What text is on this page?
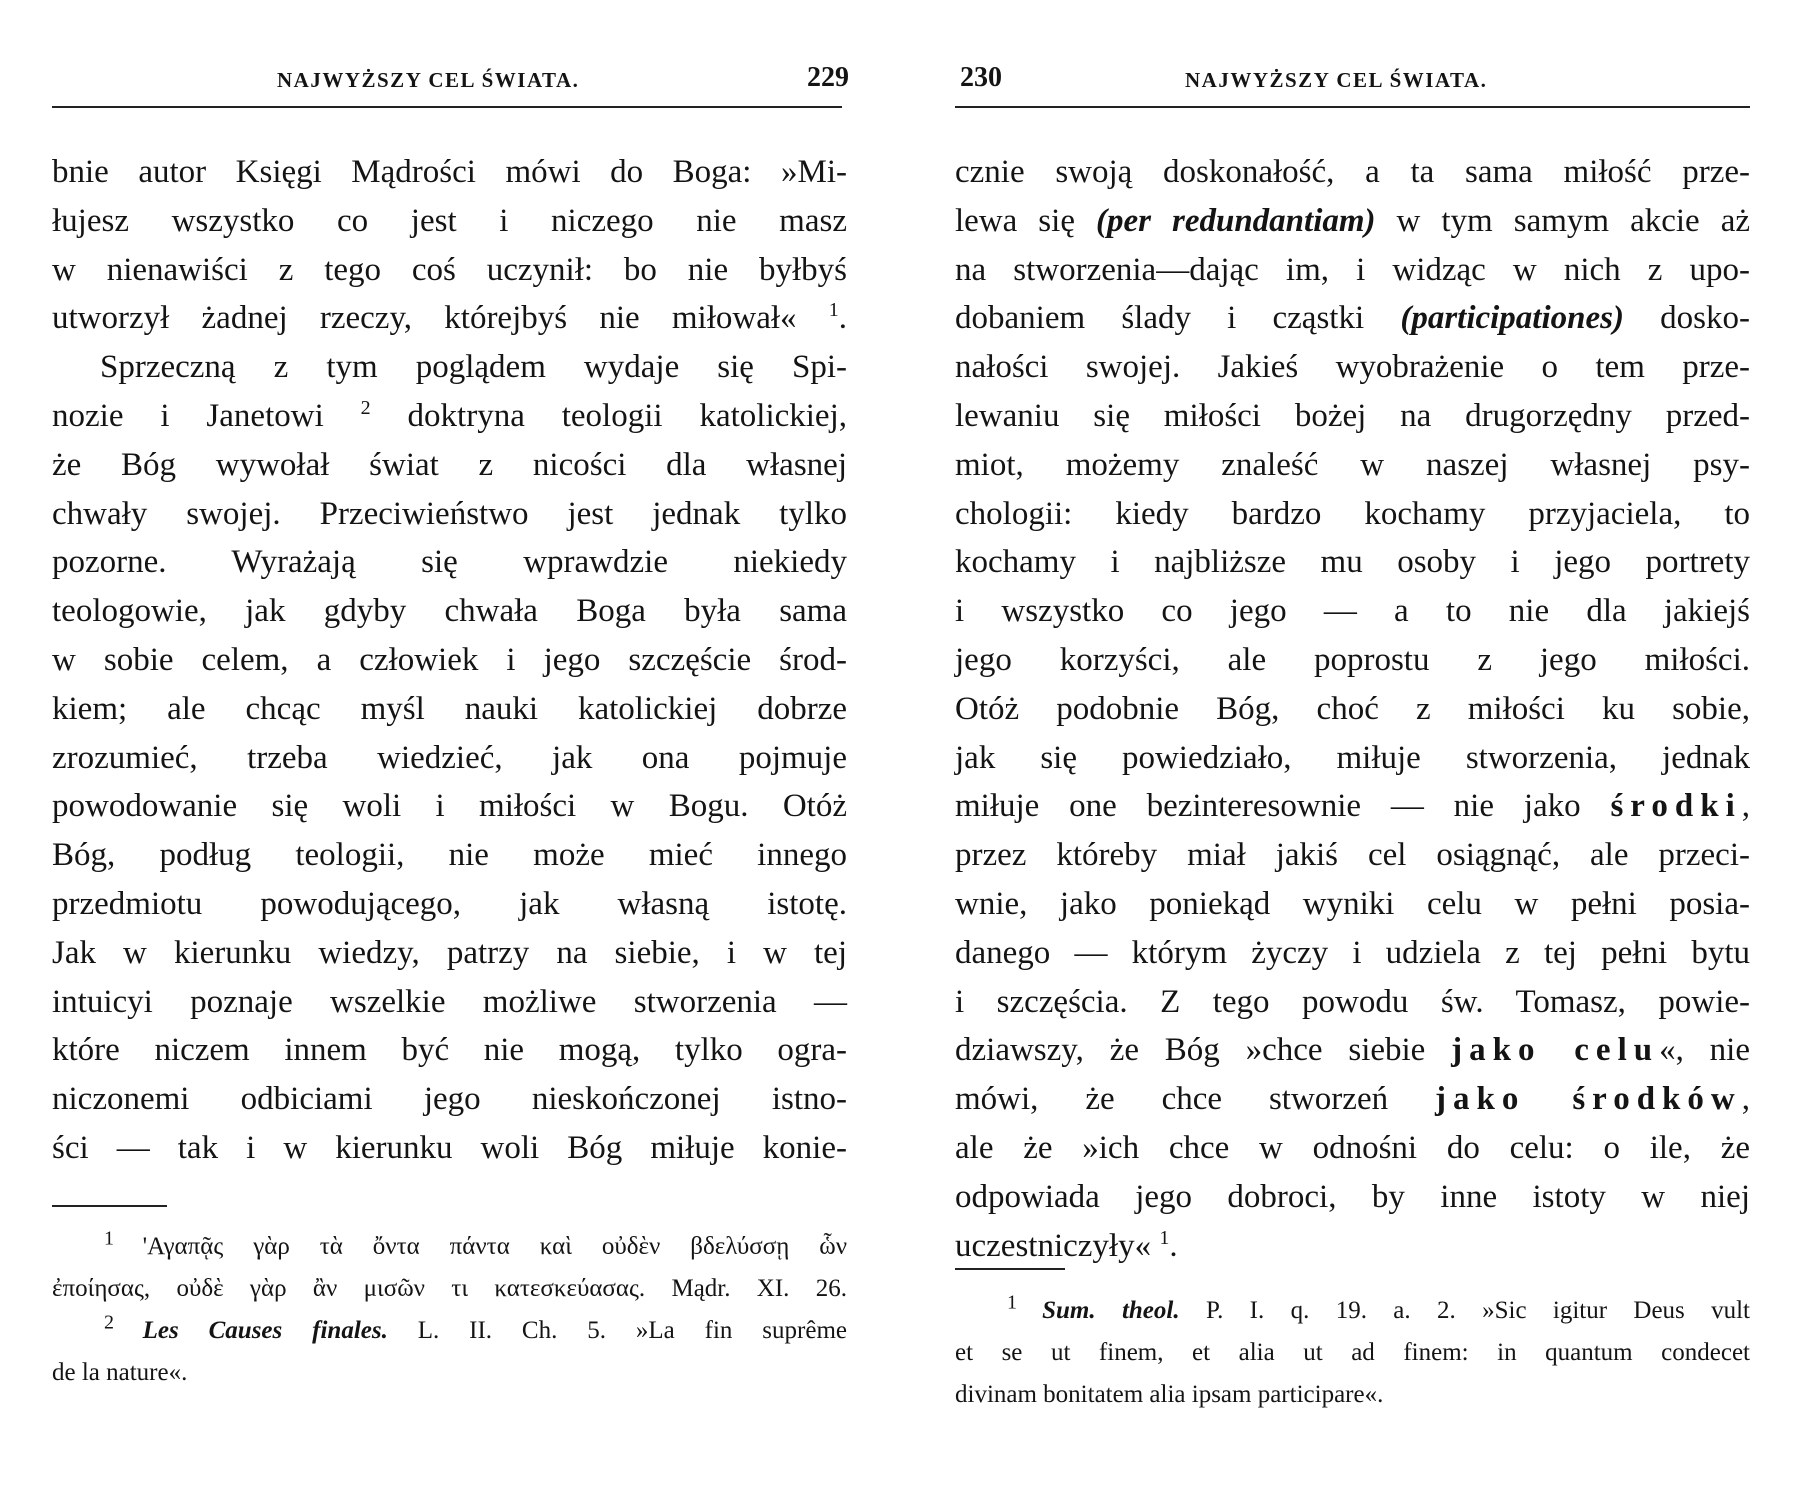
NAJWYŻSZY CEL ŚWIATA.	229
bnie autor Księgi Mądrości mówi do Boga: »Mi-
łujesz wszystko co jest i niczego nie masz
w nienawiści z tego coś uczynił: bo nie byłbyś
utworzył żadnej rzeczy, którejbyś nie miłował« $^1$.
Sprzeczną z tym poglądem wydaje się Spi-
nozie i Janetowi $^2$ doktryna teologii katolickiej,
że Bóg wywołał świat z nicości dla własnej
chwały swojej. Przeciwieństwo jest jednak tylko
pozorne. Wyrażają się wprawdzie niekiedy
teologowie, jak gdyby chwała Boga była sama
w sobie celem, a człowiek i jego szczęście środ-
kiem; ale chcąc myśl nauki katolickiej dobrze
zrozumieć, trzeba wiedzieć, jak ona pojmuje
powodowanie się woli i miłości w Bogu. Otóż
Bóg, podług teologii, nie może mieć innego
przedmiotu powodującego, jak własną istotę.
Jak w kierunku wiedzy, patrzy na siebie, i w tej
intuicyi poznaje wszelkie możliwe stworzenia —
które niczem innem być nie mogą, tylko ogra-
niczonemi odbiciami jego nieskończonej istno-
ści — tak i w kierunku woli Bóg miłuje konie-
$^1$ 'Αγαπᾷς γὰρ τὰ ὄντα πάντα καὶ οὐδὲν βδελύσσῃ ὧν
ἐποίησας, οὐδὲ γὰρ ἂν μισῶν τι κατεσκεύασας. Mądr. XI. 26.
$^2$ Les Causes finales. L. II. Ch. 5. »La fin suprême
de la nature«.
230	NAJWYŻSZY CEL ŚWIATA.
cznie swoją doskonałość, a ta sama miłość prze-
lewa się (per redundantiam) w tym samym akcie aż
na stworzenia—dając im, i widząc w nich z upo-
dobaniem ślady i cząstki (participationes) dosko-
nałości swojej. Jakieś wyobrażenie o tem prze-
lewaniu się miłości bożej na drugorzędny przed-
miot, możemy znaleść w naszej własnej psy-
chologii: kiedy bardzo kochamy przyjaciela, to
kochamy i najbliższe mu osoby i jego portrety
i wszystko co jego — a to nie dla jakiejś
jego korzyści, ale poprostu z jego miłości.
Otóż podobnie Bóg, choć z miłości ku sobie,
jak się powiedziało, miłuje stworzenia, jednak
miłuje one bezinteresownie — nie jako środki,
przez któreby miał jakiś cel osiągnąć, ale przeci-
wnie, jako poniekąd wyniki celu w pełni posia-
danego — którym życzy i udziela z tej pełni bytu
i szczęścia. Z tego powodu św. Tomasz, powie-
dziawszy, że Bóg »chce siebie jako celu«, nie
mówi, że chce stworzeń jako środków,
ale że »ich chce w odnośni do celu: o ile, że
odpowiada jego dobroci, by inne istoty w niej
uczestniczyły« $^1$.
$^1$ Sum. theol. P. I. q. 19. a. 2. »Sic igitur Deus vult
et se ut finem, et alia ut ad finem: in quantum condecet
divinam bonitatem alia ipsam participare«.
